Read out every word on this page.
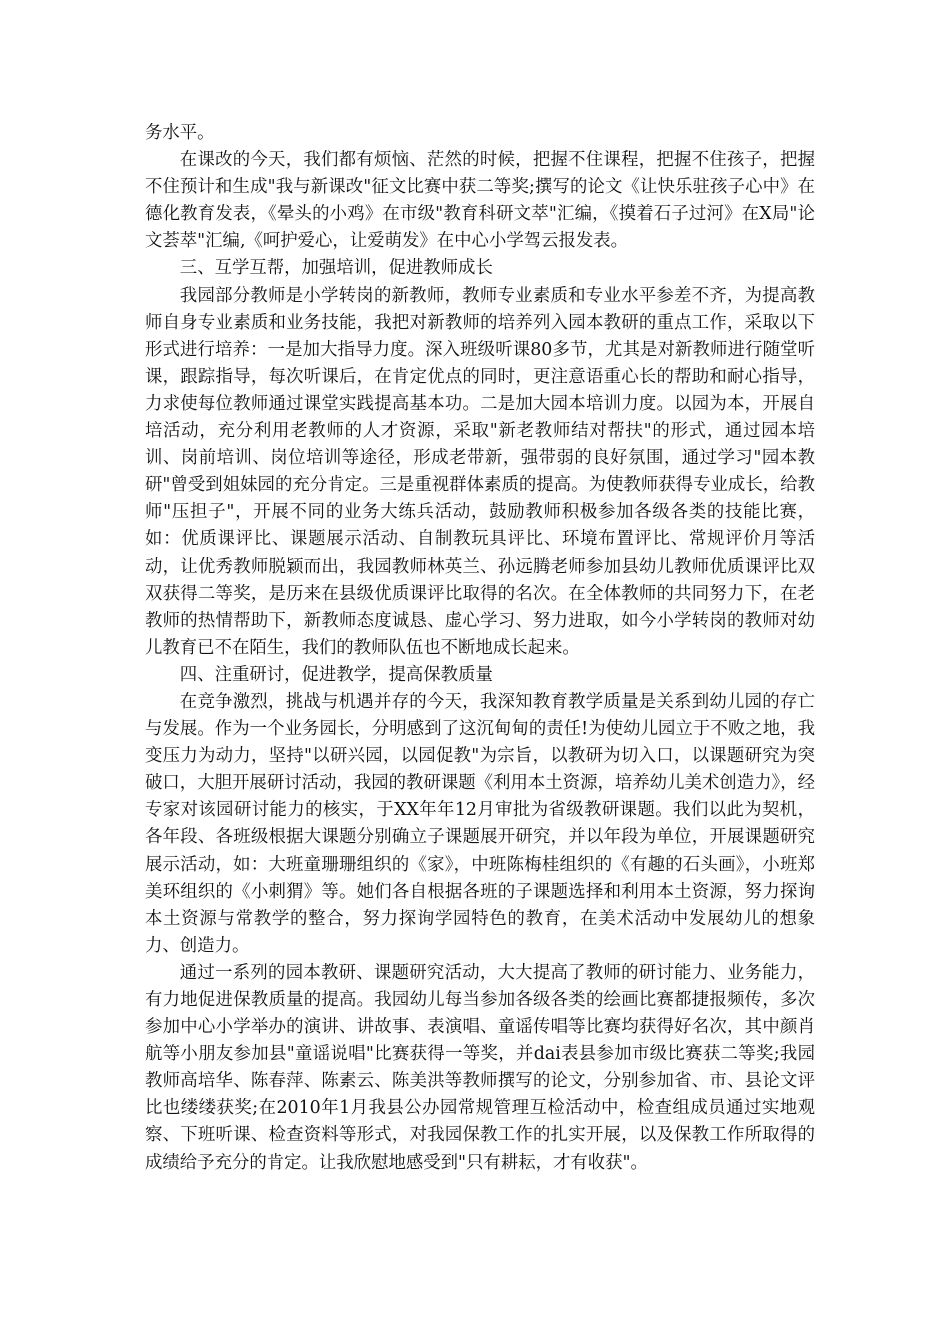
务水平。

在课改的今天，我们都有烦恼、茫然的时候，把握不住课程，把握不住孩子，把握不住预计和生成"我与新课改"征文比赛中获二等奖;撰写的论文《让快乐驻孩子心中》在德化教育发表，《晕头的小鸡》在市级"教育科研文萃"汇编，《摸着石子过河》在X局"论文荟萃"汇编,《呵护爱心，让爱萌发》在中心小学驾云报发表。

三、互学互帮，加强培训，促进教师成长

我园部分教师是小学转岗的新教师，教师专业素质和专业水平参差不齐，为提高教师自身专业素质和业务技能，我把对新教师的培养列入园本教研的重点工作，采取以下形式进行培养：一是加大指导力度。深入班级听课80多节，尤其是对新教师进行随堂听课，跟踪指导，每次听课后，在肯定优点的同时，更注意语重心长的帮助和耐心指导，力求使每位教师通过课堂实践提高基本功。二是加大园本培训力度。以园为本，开展自培活动，充分利用老教师的人才资源，采取"新老教师结对帮扶"的形式，通过园本培训、岗前培训、岗位培训等途径，形成老带新，强带弱的良好氛围，通过学习"园本教研"曾受到姐妹园的充分肯定。三是重视群体素质的提高。为使教师获得专业成长，给教师"压担子"，开展不同的业务大练兵活动，鼓励教师积极参加各级各类的技能比赛，如：优质课评比、课题展示活动、自制教玩具评比、环境布置评比、常规评价月等活动，让优秀教师脱颖而出，我园教师林英兰、孙远腾老师参加县幼儿教师优质课评比双双获得二等奖，是历来在县级优质课评比取得的名次。在全体教师的共同努力下，在老教师的热情帮助下，新教师态度诚恳、虚心学习、努力进取，如今小学转岗的教师对幼儿教育已不在陌生，我们的教师队伍也不断地成长起来。

四、注重研讨，促进教学，提高保教质量

在竞争激烈，挑战与机遇并存的今天，我深知教育教学质量是关系到幼儿园的存亡与发展。作为一个业务园长，分明感到了这沉甸甸的责任!为使幼儿园立于不败之地，我变压力为动力，坚持"以研兴园，以园促教"为宗旨，以教研为切入口，以课题研究为突破口，大胆开展研讨活动，我园的教研课题《利用本土资源，培养幼儿美术创造力》，经专家对该园研讨能力的核实，于XX年年12月审批为省级教研课题。我们以此为契机，各年段、各班级根据大课题分别确立子课题展开研究，并以年段为单位，开展课题研究展示活动，如：大班童珊珊组织的《家》，中班陈梅桂组织的《有趣的石头画》，小班郑美环组织的《小刺猬》等。她们各自根据各班的子课题选择和利用本土资源，努力探询本土资源与常教学的整合，努力探询学园特色的教育，在美术活动中发展幼儿的想象力、创造力。

通过一系列的园本教研、课题研究活动，大大提高了教师的研讨能力、业务能力，有力地促进保教质量的提高。我园幼儿每当参加各级各类的绘画比赛都捷报频传，多次参加中心小学举办的演讲、讲故事、表演唱、童谣传唱等比赛均获得好名次，其中颜肖航等小朋友参加县"童谣说唱"比赛获得一等奖，并dai表县参加市级比赛获二等奖;我园教师高培华、陈春萍、陈素云、陈美洪等教师撰写的论文，分别参加省、市、县论文评比也缕缕获奖;在2010年1月我县公办园常规管理互检活动中，检查组成员通过实地观察、下班听课、检查资料等形式，对我园保教工作的扎实开展，以及保教工作所取得的成绩给予充分的肯定。让我欣慰地感受到"只有耕耘，才有收获"。
